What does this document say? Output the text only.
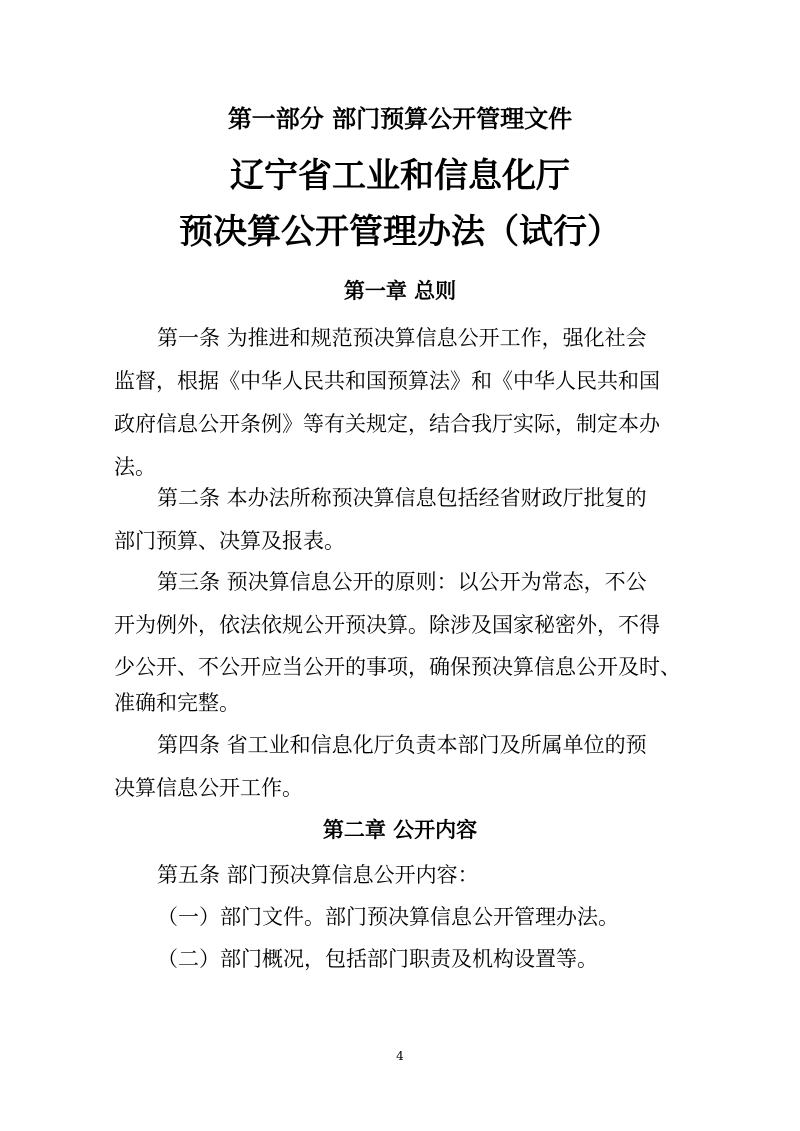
第一部分 部门预算公开管理文件
辽宁省工业和信息化厅
预决算公开管理办法（试行）
第一章 总则
第一条 为推进和规范预决算信息公开工作，强化社会
监督，根据《中华人民共和国预算法》和《中华人民共和国
政府信息公开条例》等有关规定，结合我厅实际，制定本办
法。
第二条 本办法所称预决算信息包括经省财政厅批复的
部门预算、决算及报表。
第三条 预决算信息公开的原则：以公开为常态，不公
开为例外，依法依规公开预决算。除涉及国家秘密外，不得
少公开、不公开应当公开的事项，确保预决算信息公开及时、
准确和完整。
第四条 省工业和信息化厅负责本部门及所属单位的预
决算信息公开工作。
第二章 公开内容
第五条 部门预决算信息公开内容：
（一）部门文件。部门预决算信息公开管理办法。
（二）部门概况，包括部门职责及机构设置等。
4
